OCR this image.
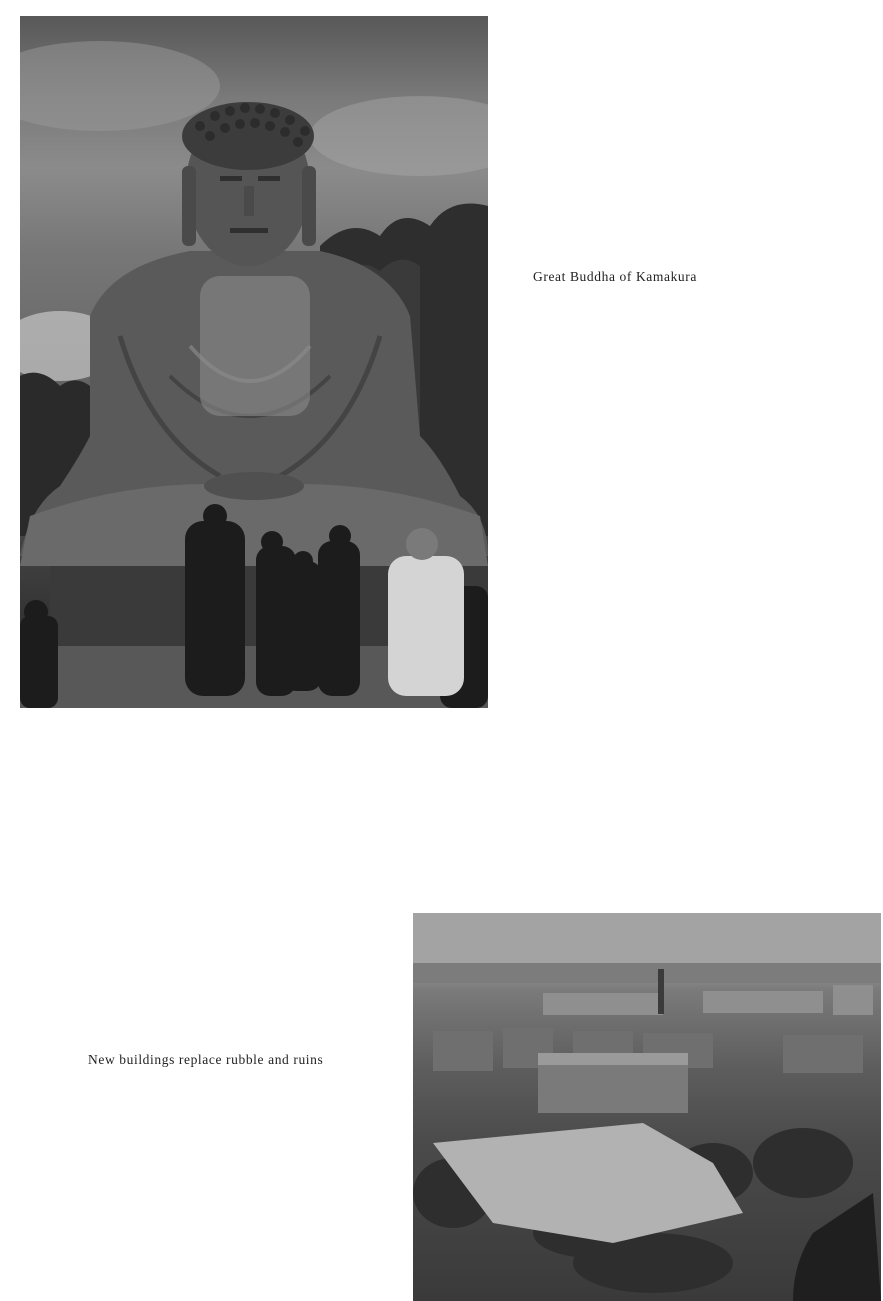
Great Buddha of Kamakura
New buildings replace rubble and ruins
